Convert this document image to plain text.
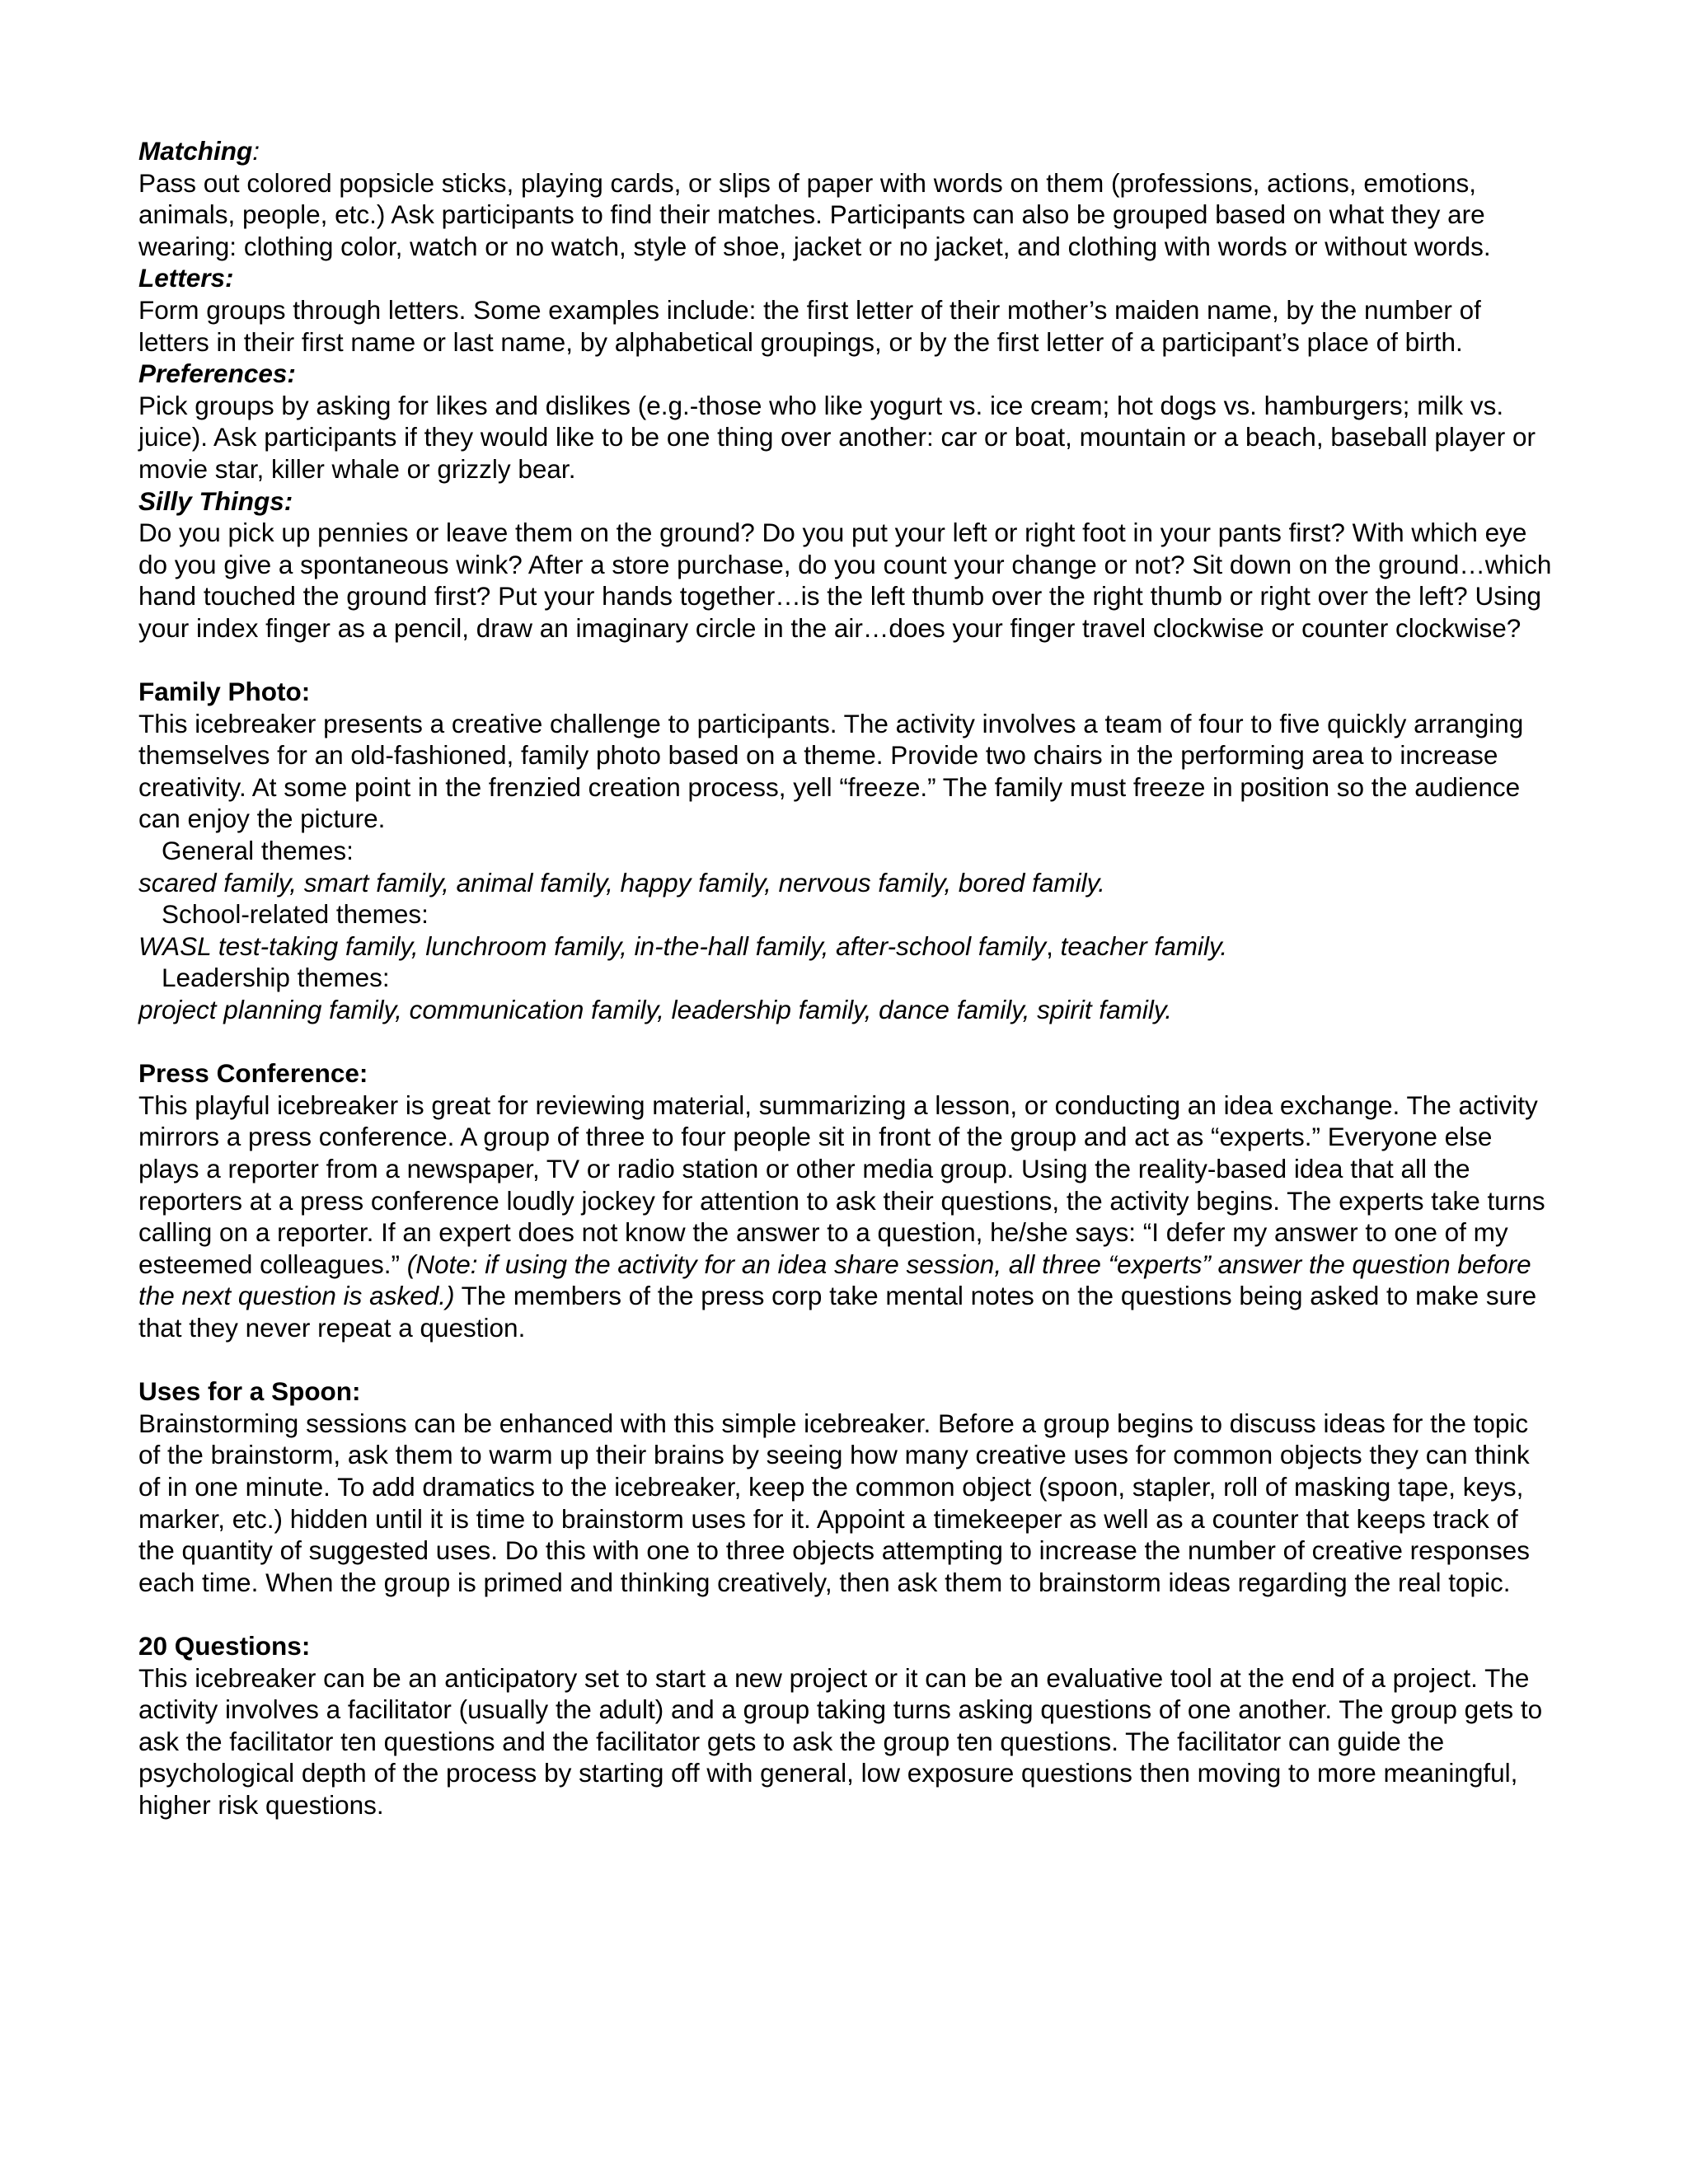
Matching:

Pass out colored popsicle sticks, playing cards, or slips of paper with words on them (professions, actions, emotions, animals, people, etc.) Ask participants to find their matches. Participants can also be grouped based on what they are wearing: clothing color, watch or no watch, style of shoe, jacket or no jacket, and clothing with words or without words.

Letters:

Form groups through letters. Some examples include: the first letter of their mother’s maiden name, by the number of letters in their first name or last name, by alphabetical groupings, or by the first letter of a participant’s place of birth.

Preferences:

Pick groups by asking for likes and dislikes (e.g.-those who like yogurt vs. ice cream; hot dogs vs. hamburgers; milk vs. juice). Ask participants if they would like to be one thing over another: car or boat, mountain or a beach, baseball player or movie star, killer whale or grizzly bear.

Silly Things:

Do you pick up pennies or leave them on the ground? Do you put your left or right foot in your pants first? With which eye do you give a spontaneous wink? After a store purchase, do you count your change or not? Sit down on the ground…which hand touched the ground first? Put your hands together…is the left thumb over the right thumb or right over the left? Using your index finger as a pencil, draw an imaginary circle in the air…does your finger travel clockwise or counter clockwise?

Family Photo:

This icebreaker presents a creative challenge to participants. The activity involves a team of four to five quickly arranging themselves for an old-fashioned, family photo based on a theme. Provide two chairs in the performing area to increase creativity. At some point in the frenzied creation process, yell “freeze.” The family must freeze in position so the audience can enjoy the picture.

General themes:
scared family, smart family, animal family, happy family, nervous family, bored family.
School-related themes:
WASL test-taking family, lunchroom family, in-the-hall family, after-school family, teacher family.
Leadership themes:
project planning family, communication family, leadership family, dance family, spirit family.
Press Conference:

This playful icebreaker is great for reviewing material, summarizing a lesson, or conducting an idea exchange. The activity mirrors a press conference. A group of three to four people sit in front of the group and act as “experts.” Everyone else plays a reporter from a newspaper, TV or radio station or other media group. Using the reality-based idea that all the reporters at a press conference loudly jockey for attention to ask their questions, the activity begins. The experts take turns calling on a reporter. If an expert does not know the answer to a question, he/she says: “I defer my answer to one of my esteemed colleagues.” (Note: if using the activity for an idea share session, all three “experts” answer the question before the next question is asked.) The members of the press corp take mental notes on the questions being asked to make sure that they never repeat a question.

Uses for a Spoon:

Brainstorming sessions can be enhanced with this simple icebreaker. Before a group begins to discuss ideas for the topic of the brainstorm, ask them to warm up their brains by seeing how many creative uses for common objects they can think of in one minute. To add dramatics to the icebreaker, keep the common object (spoon, stapler, roll of masking tape, keys, marker, etc.) hidden until it is time to brainstorm uses for it. Appoint a timekeeper as well as a counter that keeps track of the quantity of suggested uses. Do this with one to three objects attempting to increase the number of creative responses each time. When the group is primed and thinking creatively, then ask them to brainstorm ideas regarding the real topic.

20 Questions:

This icebreaker can be an anticipatory set to start a new project or it can be an evaluative tool at the end of a project. The activity involves a facilitator (usually the adult) and a group taking turns asking questions of one another. The group gets to ask the facilitator ten questions and the facilitator gets to ask the group ten questions. The facilitator can guide the psychological depth of the process by starting off with general, low exposure questions then moving to more meaningful, higher risk questions.
